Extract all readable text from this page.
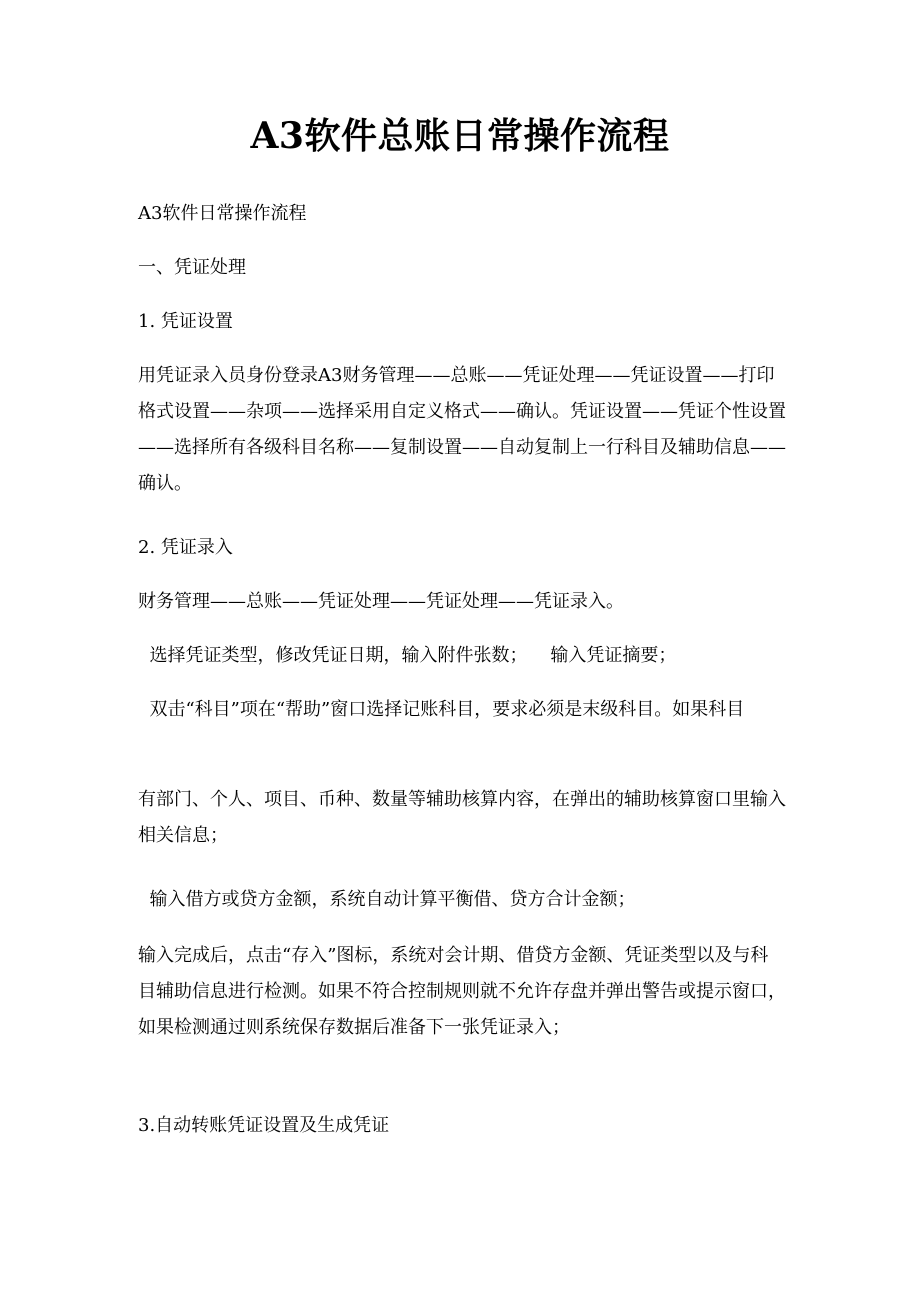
A3软件总账日常操作流程
A3软件日常操作流程
一、凭证处理
1. 凭证设置
用凭证录入员身份登录A3财务管理——总账——凭证处理——凭证设置——打印格式设置——杂项——选择采用自定义格式——确认。凭证设置——凭证个性设置——选择所有各级科目名称——复制设置——自动复制上一行科目及辅助信息——确认。
2. 凭证录入
财务管理——总账——凭证处理——凭证处理——凭证录入。
选择凭证类型，修改凭证日期，输入附件张数；    输入凭证摘要；
双击“科目”项在“帮助”窗口选择记账科目，要求必须是末级科目。如果科目
有部门、个人、项目、币种、数量等辅助核算内容，在弹出的辅助核算窗口里输入相关信息；
输入借方或贷方金额，系统自动计算平衡借、贷方合计金额；
输入完成后，点击“存入”图标，系统对会计期、借贷方金额、凭证类型以及与科目辅助信息进行检测。如果不符合控制规则就不允许存盘并弹出警告或提示窗口，如果检测通过则系统保存数据后准备下一张凭证录入；
3.自动转账凭证设置及生成凭证
